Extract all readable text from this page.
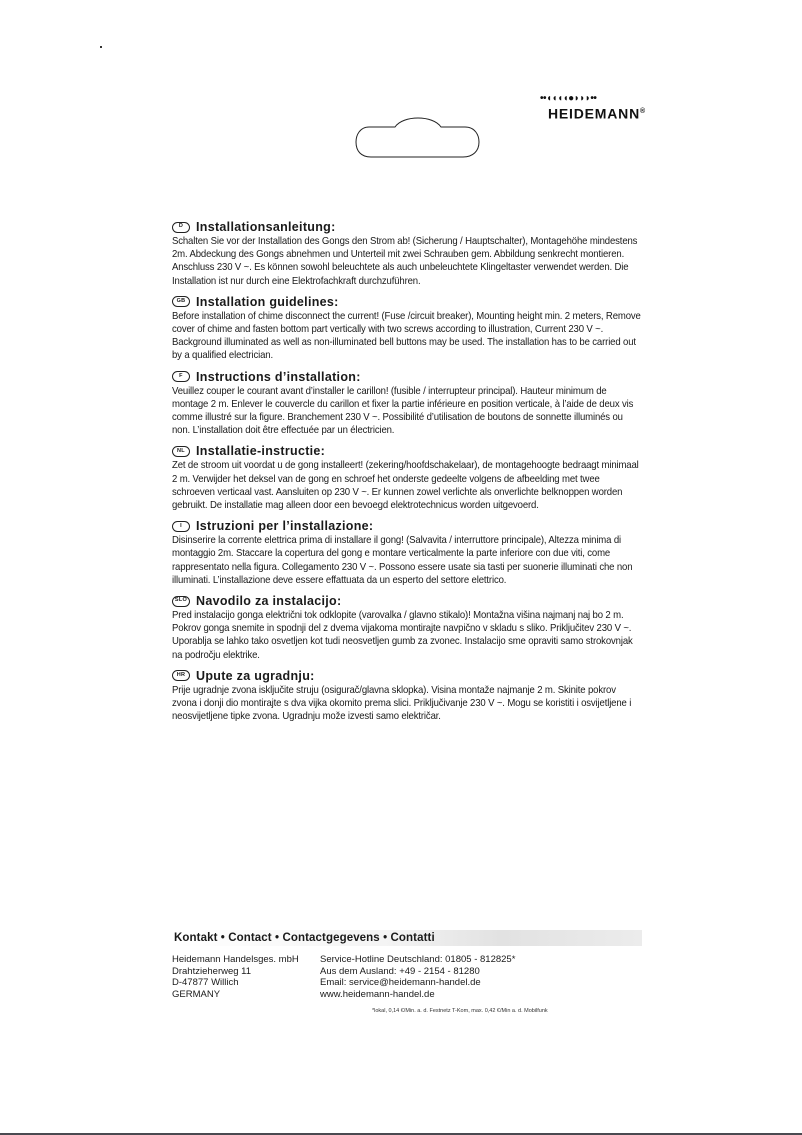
••◖◖◖◖●◗◗◗••
HEIDEMANN®
D	Installationsanleitung:
Schalten Sie vor der Installation des Gongs den Strom ab! (Sicherung / Hauptschalter), Montagehöhe mindestens 2m. Abdeckung des Gongs abnehmen und Unterteil mit zwei Schrauben gem. Abbildung senkrecht montieren. Anschluss 230 V ~. Es können sowohl beleuchtete als auch unbeleuchtete Klingeltaster verwendet werden. Die Installation ist nur durch eine Elektrofachkraft durchzuführen.
GB Installation guidelines:
Before installation of chime disconnect the current! (Fuse /circuit breaker), Mounting height min. 2 meters, Remove cover of chime and fasten bottom part vertically with two screws according to illustration, Current 230 V ~. Background illuminated as well as non-illuminated bell buttons may be used. The installation has to be carried out by a qualified electrician.
F	Instructions d’installation:
Veuillez couper le courant avant d’installer le carillon! (fusible / interrupteur principal). Hauteur minimum de montage 2 m. Enlever le couvercle du carillon et fixer la partie inférieure en position verticale, à l’aide de deux vis comme illustré sur la figure. Branchement 230 V ~. Possibilité d’utilisation de boutons de sonnette illuminés ou non. L’installation doit être effectuée par un électricien.
NL Installatie-instructie:
Zet de stroom uit voordat u de gong installeert! (zekering/hoofdschakelaar), de montagehoogte bedraagt minimaal 2 m. Verwijder het deksel van de gong en schroef het onderste gedeelte volgens de afbeelding met twee schroeven verticaal vast. Aansluiten op 230 V ~. Er kunnen zowel verlichte als onverlichte belknoppen worden gebruikt. De installatie mag alleen door een bevoegd elektrotechnicus worden uitgevoerd.
I	Istruzioni per l’installazione:
Disinserire la corrente elettrica prima di installare il gong! (Salvavita / interruttore principale), Altezza minima di montaggio 2m. Staccare la copertura del gong e montare verticalmente la parte inferiore con due viti, come rappresentato nella figura. Collegamento 230 V ~. Possono essere usate sia tasti per suonerie illuminati che non illuminati. L’installazione deve essere effattuata da un esperto del settore elettrico.
SLO Navodilo za instalacijo:
Pred instalacijo gonga električni tok odklopite (varovalka / glavno stikalo)! Montažna višina najmanj naj bo 2 m. Pokrov gonga snemite in spodnji del z dvema vijakoma montirajte navpično v skladu s sliko. Priključitev 230 V ~. Uporablja se lahko tako osvetljen kot tudi neosvetljen gumb za zvonec. Instalacijo sme opraviti samo strokovnjak na področju elektrike.
HR Upute za ugradnju:
Prije ugradnje zvona isključite struju (osigurač/glavna sklopka). Visina montaže najmanje 2 m. Skinite pokrov zvona i donji dio montirajte s dva vijka okomito prema slici. Priključivanje 230 V ~. Mogu se koristiti i osvijetljene i neosvijetljene tipke zvona. Ugradnju može izvesti samo električar.
Kontakt • Contact • Contactgegevens • Contatti
Heidemann Handelsges. mbH
Drahtzieherweg 11
D-47877 Willich
GERMANY
Service-Hotline Deutschland: 01805 - 812825*
Aus dem Ausland: +49 - 2154 - 81280
Email: service@heidemann-handel.de
www.heidemann-handel.de
*lokal, 0,14 €/Min. a. d. Festnetz T-Kom, max. 0,42 €/Min a. d. Mobilfunk
